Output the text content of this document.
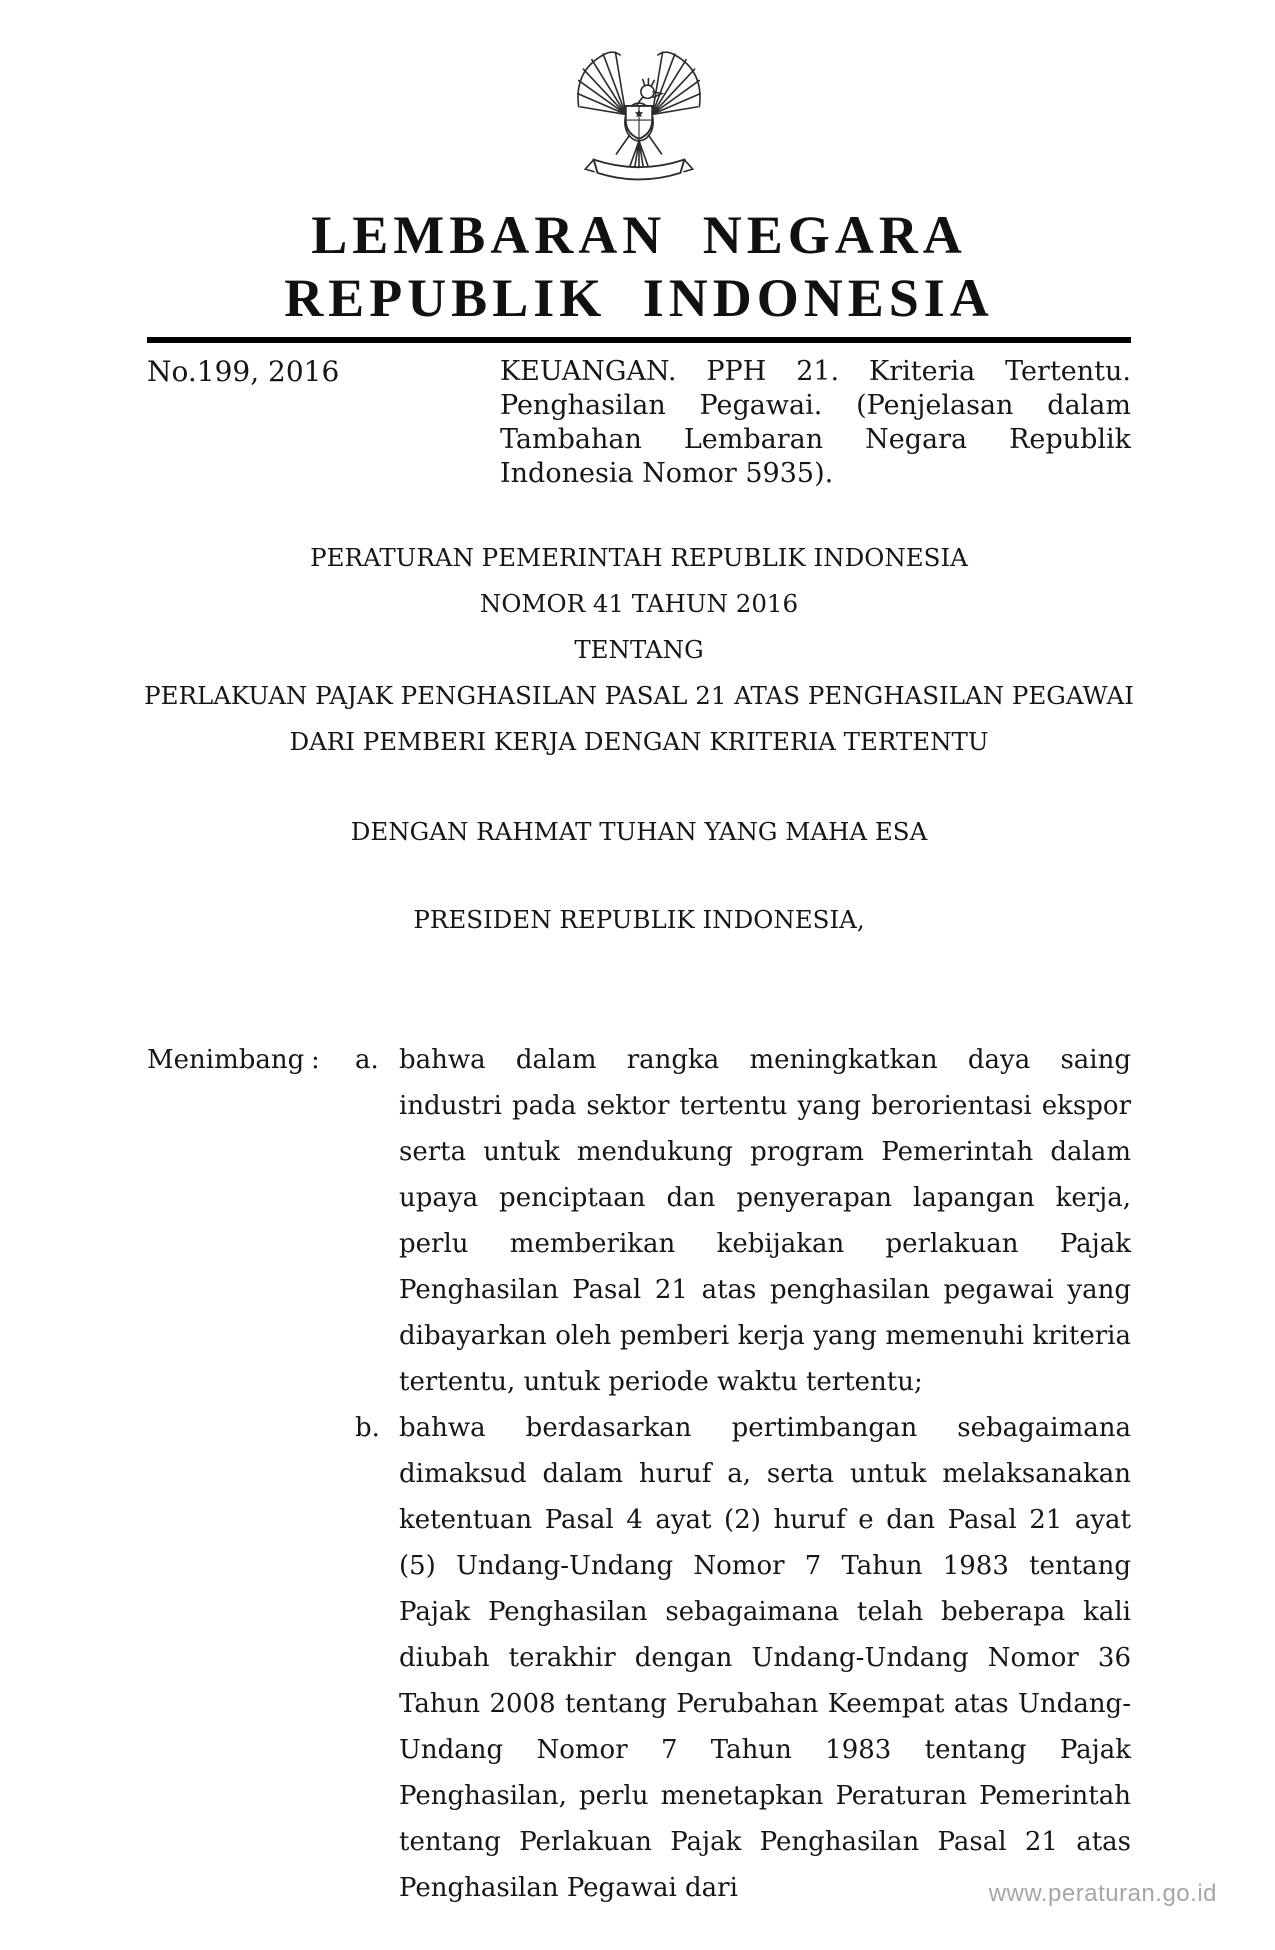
LEMBARAN NEGARA
REPUBLIK INDONESIA
No.199, 2016	KEUANGAN. PPH 21. Kriteria Tertentu. Penghasilan Pegawai. (Penjelasan dalam Tambahan Lembaran Negara Republik Indonesia Nomor 5935).
PERATURAN PEMERINTAH REPUBLIK INDONESIA
NOMOR 41 TAHUN 2016
TENTANG
PERLAKUAN PAJAK PENGHASILAN PASAL 21 ATAS PENGHASILAN PEGAWAI
DARI PEMBERI KERJA DENGAN KRITERIA TERTENTU
DENGAN RAHMAT TUHAN YANG MAHA ESA
PRESIDEN REPUBLIK INDONESIA,
Menimbang :	a. bahwa dalam rangka meningkatkan daya saing industri pada sektor tertentu yang berorientasi ekspor serta untuk mendukung program Pemerintah dalam upaya penciptaan dan penyerapan lapangan kerja, perlu memberikan kebijakan perlakuan Pajak Penghasilan Pasal 21 atas penghasilan pegawai yang dibayarkan oleh pemberi kerja yang memenuhi kriteria tertentu, untuk periode waktu tertentu;
b. bahwa berdasarkan pertimbangan sebagaimana dimaksud dalam huruf a, serta untuk melaksanakan ketentuan Pasal 4 ayat (2) huruf e dan Pasal 21 ayat (5) Undang-Undang Nomor 7 Tahun 1983 tentang Pajak Penghasilan sebagaimana telah beberapa kali diubah terakhir dengan Undang-Undang Nomor 36 Tahun 2008 tentang Perubahan Keempat atas Undang-Undang Nomor 7 Tahun 1983 tentang Pajak Penghasilan, perlu menetapkan Peraturan Pemerintah tentang Perlakuan Pajak Penghasilan Pasal 21 atas Penghasilan Pegawai dari	www.peraturan.go.id
